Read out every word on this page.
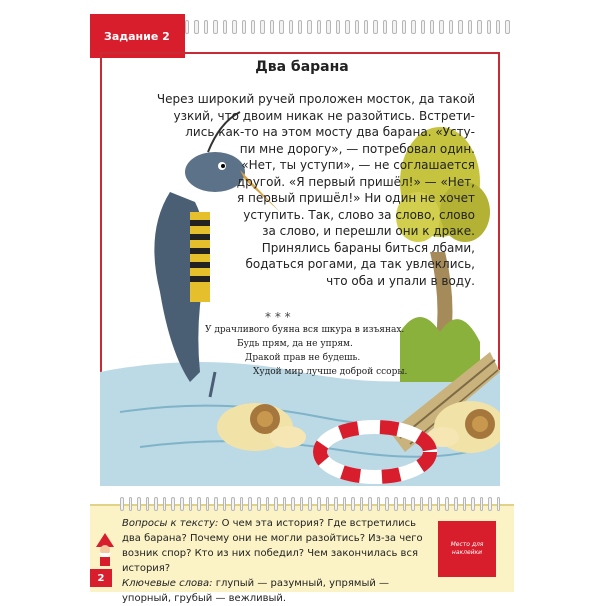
Задание 2
Два барана
Через широкий ручей проложен мосток, да такой
узкий, что двоим никак не разойтись. Встрети-
лись как-то на этом мосту два барана. «Усту-
пи мне дорогу», — потребовал один.
«Нет, ты уступи», — не соглашается
другой. «Я первый пришёл!» — «Нет,
я первый пришёл!» Ни один не хочет
уступить. Так, слово за слово, слово
за слово, и перешли они к драке.
Принялись бараны биться лбами,
бодаться рогами, да так увлеклись,
что оба и упали в воду.
* * *
У драчливого буяна вся шкура в изъянах.
Будь прям, да не упрям.
Дракой прав не будешь.
Худой мир лучше доброй ссоры.
Вопросы к тексту: О чем эта история? Где встретились два барана? Почему они не могли разойтись? Из-за чего возник спор? Кто из них победил? Чем закончилась вся история?
Ключевые слова: глупый — разумный, упрямый — упорный, грубый — вежливый.
Место для наклейки
2
